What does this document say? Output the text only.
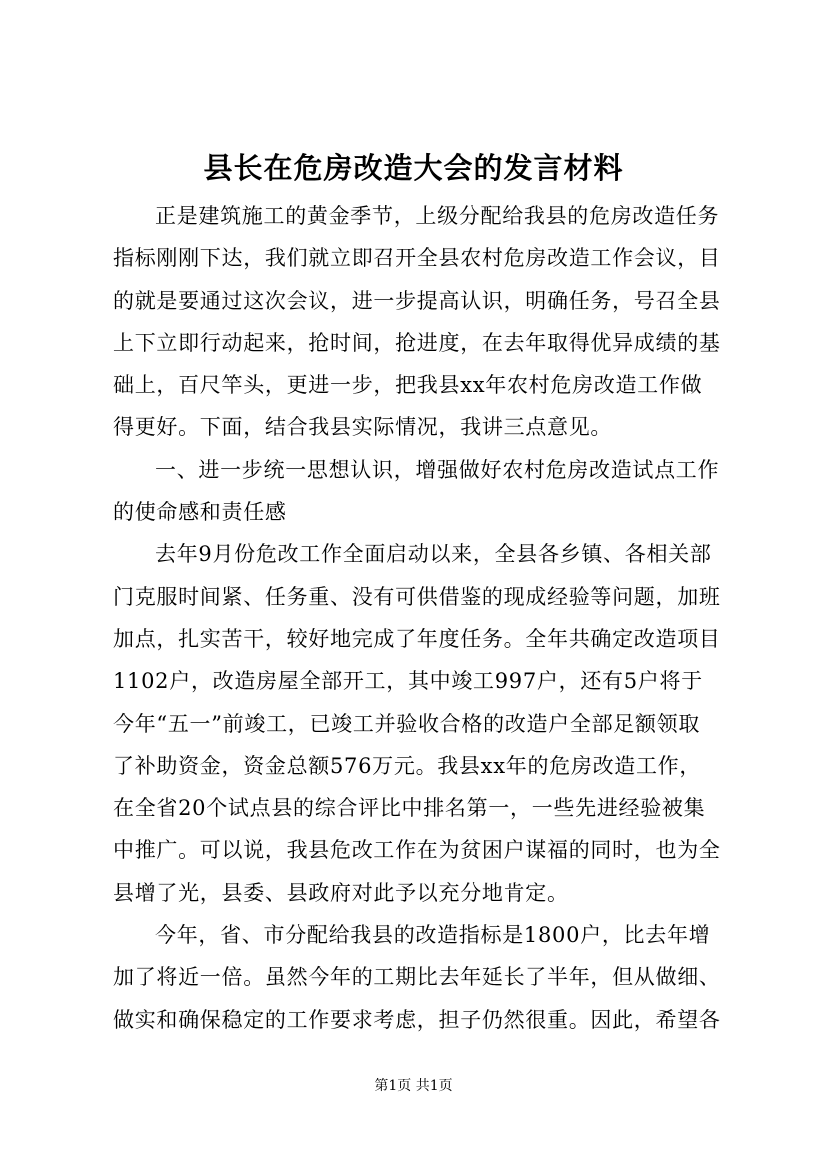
县长在危房改造大会的发言材料
正是建筑施工的黄金季节，上级分配给我县的危房改造任务
指标刚刚下达，我们就立即召开全县农村危房改造工作会议，目
的就是要通过这次会议，进一步提高认识，明确任务，号召全县
上下立即行动起来，抢时间，抢进度，在去年取得优异成绩的基
础上，百尺竿头，更进一步，把我县xx年农村危房改造工作做
得更好。下面，结合我县实际情况，我讲三点意见。
一、进一步统一思想认识，增强做好农村危房改造试点工作
的使命感和责任感
去年9月份危改工作全面启动以来，全县各乡镇、各相关部
门克服时间紧、任务重、没有可供借鉴的现成经验等问题，加班
加点，扎实苦干，较好地完成了年度任务。全年共确定改造项目
1102户，改造房屋全部开工，其中竣工997户，还有5户将于
今年“五一”前竣工，已竣工并验收合格的改造户全部足额领取
了补助资金，资金总额576万元。我县xx年的危房改造工作，
在全省20个试点县的综合评比中排名第一，一些先进经验被集
中推广。可以说，我县危改工作在为贫困户谋福的同时，也为全
县增了光，县委、县政府对此予以充分地肯定。
今年，省、市分配给我县的改造指标是1800户，比去年增
加了将近一倍。虽然今年的工期比去年延长了半年，但从做细、
做实和确保稳定的工作要求考虑，担子仍然很重。因此，希望各
第1页 共1页
